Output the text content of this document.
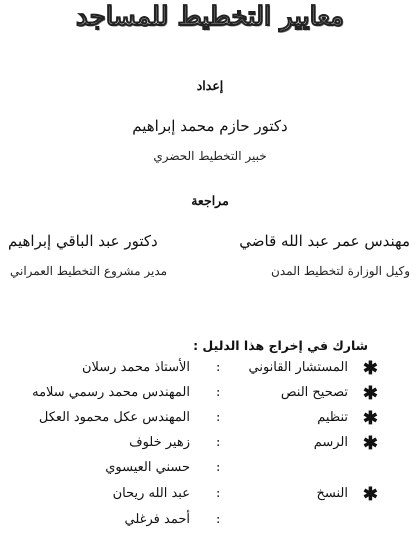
معايير التخطيط للمساجد
إعداد
دكتور حازم محمد إبراهيم
خبير التخطيط الحضري
مراجعة
مهندس عمر عبد الله قاضي
وكيل الوزارة لتخطيط المدن
دكتور عبد الباقي إبراهيم
مدير مشروع التخطيط العمراني
شارك في إخراج هذا الدليل :
✱
المستشار القانوني
:
الأستاذ محمد رسلان
✱
تصحيح النص
:
المهندس محمد رسمي سلامه
✱
تنظيم
:
المهندس عكل محمود العكل
✱
الرسم
:
زهير خلوف
:
حسني العيسوي
✱
النسخ
:
عبد الله ريحان
:
أحمد فرغلي
